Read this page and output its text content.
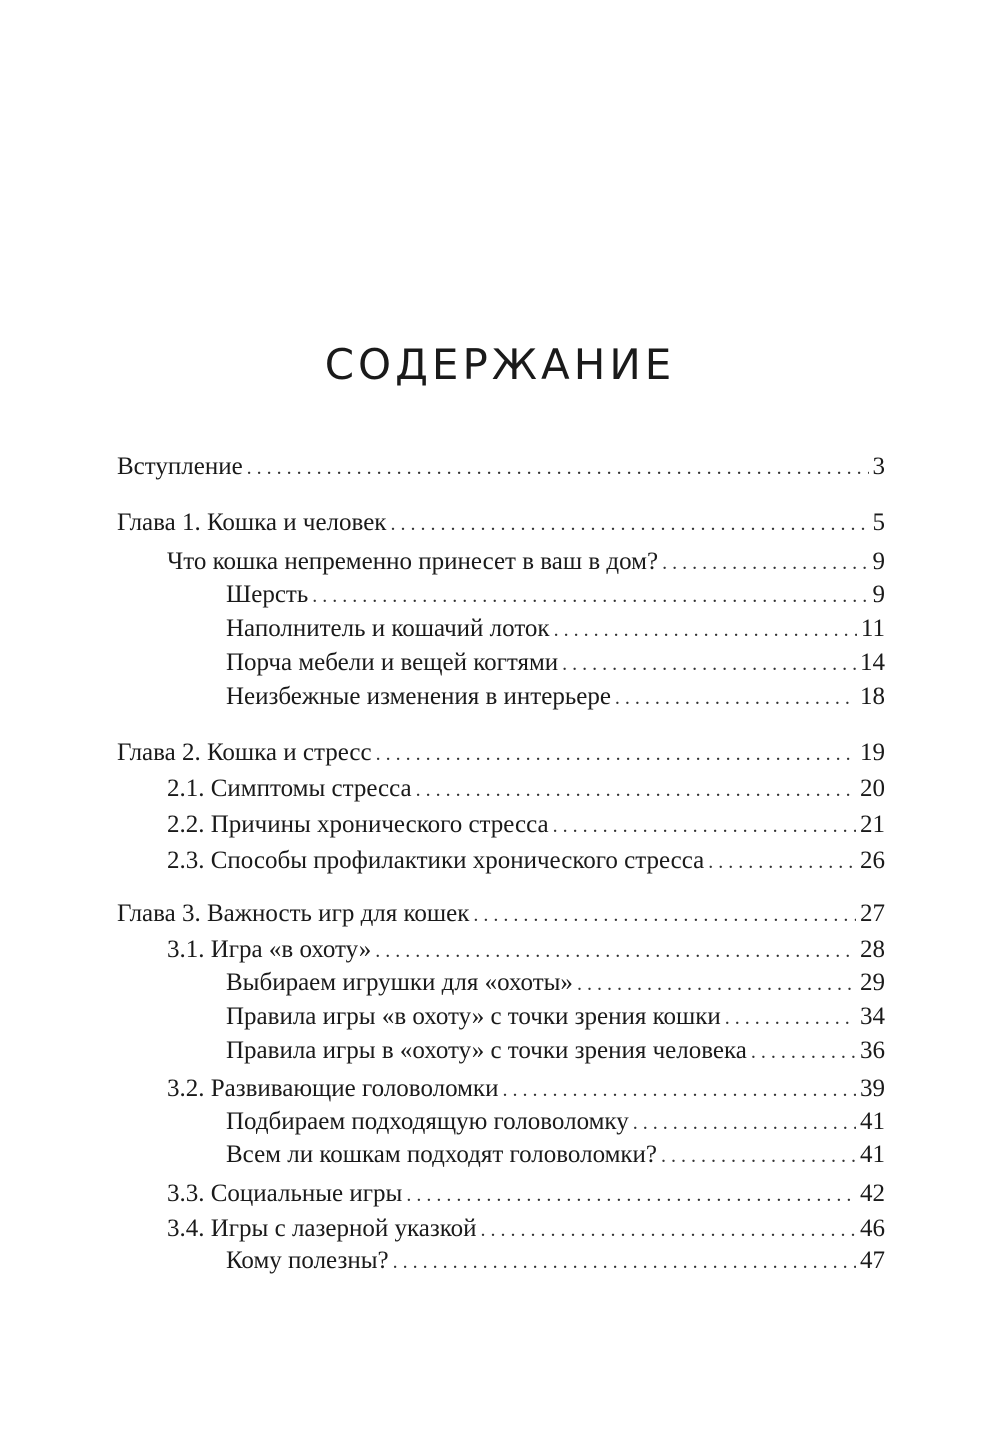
СОДЕРЖАНИЕ
Вступление . . .	3
Глава 1. Кошка и человек . . .	5
Что кошка непременно принесет в ваш в дом? . . .	9
Шерсть . . .	9
Наполнитель и кошачий лоток . . .	11
Порча мебели и вещей когтями . . .	14
Неизбежные изменения в интерьере . . .	18
Глава 2. Кошка и стресс . . .	19
2.1. Симптомы стресса . . .	20
2.2. Причины хронического стресса . . .	21
2.3. Способы профилактики хронического стресса . . .	26
Глава 3. Важность игр для кошек . . .	27
3.1. Игра «в охоту» . . .	28
Выбираем игрушки для «охоты» . . .	29
Правила игры «в охоту» с точки зрения кошки . . .	34
Правила игры в «охоту» с точки зрения человека . . .	36
3.2. Развивающие головоломки . . .	39
Подбираем подходящую головоломку . . .	41
Всем ли кошкам подходят головоломки? . . .	41
3.3. Социальные игры . . .	42
3.4. Игры с лазерной указкой . . .	46
Кому полезны? . . .	47
